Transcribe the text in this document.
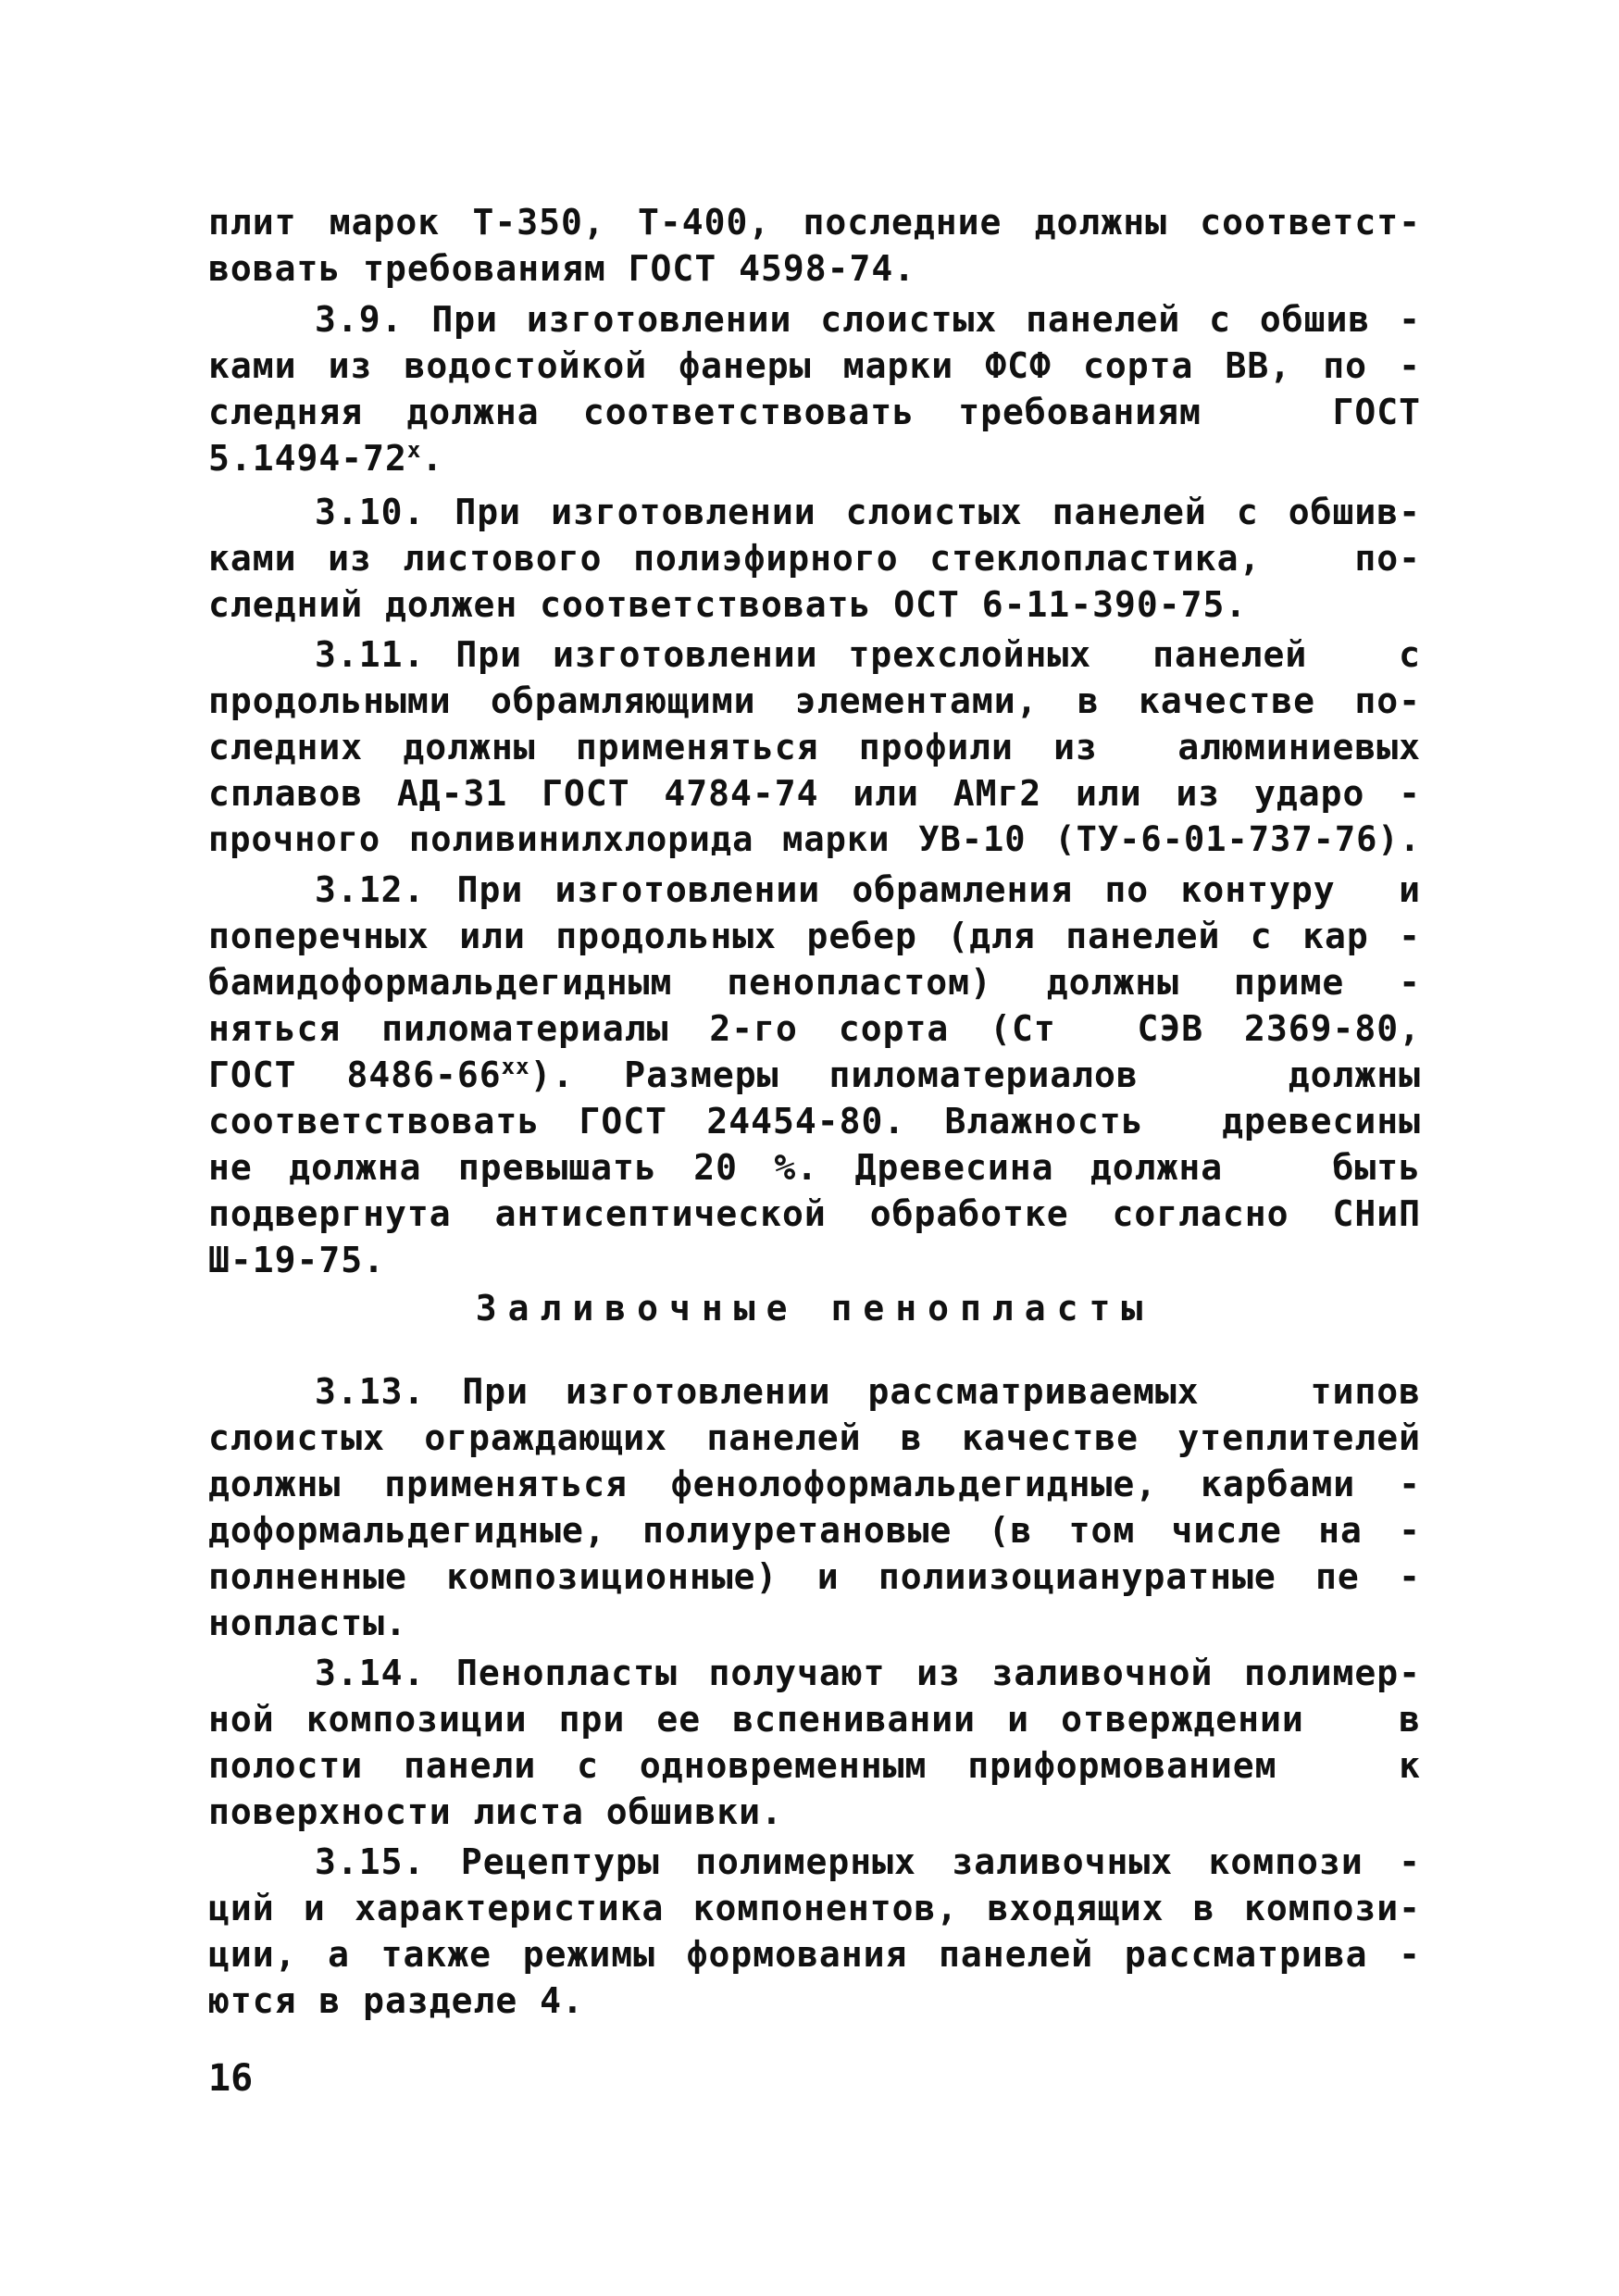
плит марок Т-350, Т-400, последние должны соответст-
вовать требованиям ГОСТ 4598-74.
3.9. При изготовлении слоистых панелей с обшив -
ками из водостойкой фанеры марки ФСФ сорта ВВ, по -
следняя должна соответствовать требованиям   ГОСТ
5.1494-72$^x$.
3.10. При изготовлении слоистых панелей с обшив-
ками из листового полиэфирного стеклопластика,   по-
следний должен соответствовать ОСТ 6-11-390-75.
3.11. При изготовлении трехслойных  панелей   с
продольными обрамляющими элементами, в качестве по-
следних должны применяться профили из  алюминиевых
сплавов АД-31 ГОСТ 4784-74 или АМг2 или из ударо -
прочного поливинилхлорида марки УВ-10 (ТУ-6-01-737-76).
3.12. При изготовлении обрамления по контуру  и
поперечных или продольных ребер (для панелей с кар -
бамидоформальдегидным пенопластом) должны приме -
няться пиломатериалы 2-го сорта (Ст  СЭВ 2369-80,
ГОСТ 8486-66$^{xx}$). Размеры пиломатериалов   должны
соответствовать ГОСТ 24454-80. Влажность  древесины
не должна превышать 20 %. Древесина должна   быть
подвергнута антисептической обработке согласно СНиП
Ш-19-75.
Заливочные пенопласты
3.13. При изготовлении рассматриваемых   типов
слоистых ограждающих панелей в качестве утеплителей
должны применяться фенолоформальдегидные, карбами -
доформальдегидные, полиуретановые (в том числе на -
полненные композиционные) и полиизоциануратные пе -
нопласты.
3.14. Пенопласты получают из заливочной полимер-
ной композиции при ее вспенивании и отверждении   в
полости панели с одновременным приформованием   к
поверхности листа обшивки.
3.15. Рецептуры полимерных заливочных компози -
ций и характеристика компонентов, входящих в компози-
ции, а также режимы формования панелей рассматрива -
ются в разделе 4.
16
